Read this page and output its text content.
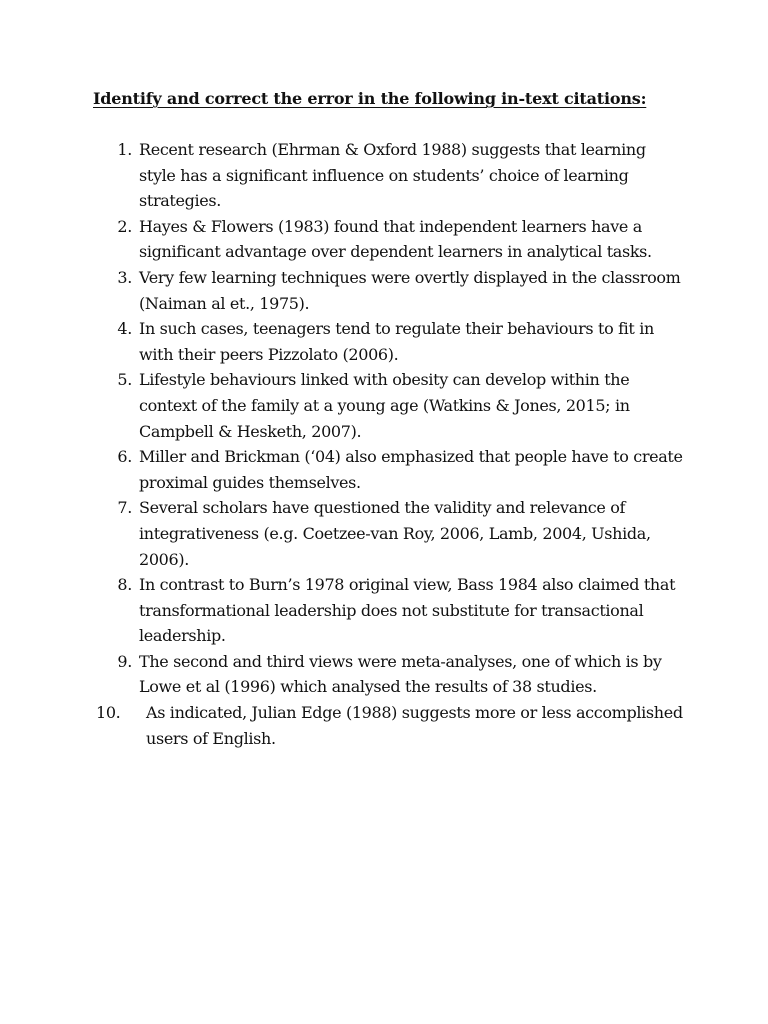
Identify and correct the error in the following in-text citations:
1. Recent research (Ehrman & Oxford 1988) suggests that learning style has a significant influence on students’ choice of learning strategies.
2. Hayes & Flowers (1983) found that independent learners have a significant advantage over dependent learners in analytical tasks.
3. Very few learning techniques were overtly displayed in the classroom (Naiman al et., 1975).
4. In such cases, teenagers tend to regulate their behaviours to fit in with their peers Pizzolato (2006).
5. Lifestyle behaviours linked with obesity can develop within the context of the family at a young age (Watkins & Jones, 2015; in Campbell & Hesketh, 2007).
6. Miller and Brickman (‘04) also emphasized that people have to create proximal guides themselves.
7. Several scholars have questioned the validity and relevance of integrativeness (e.g. Coetzee-van Roy, 2006, Lamb, 2004, Ushida, 2006).
8. In contrast to Burn’s 1978 original view, Bass 1984 also claimed that transformational leadership does not substitute for transactional leadership.
9. The second and third views were meta-analyses, one of which is by Lowe et al (1996) which analysed the results of 38 studies.
10.	As indicated, Julian Edge (1988) suggests more or less accomplished users of English.
